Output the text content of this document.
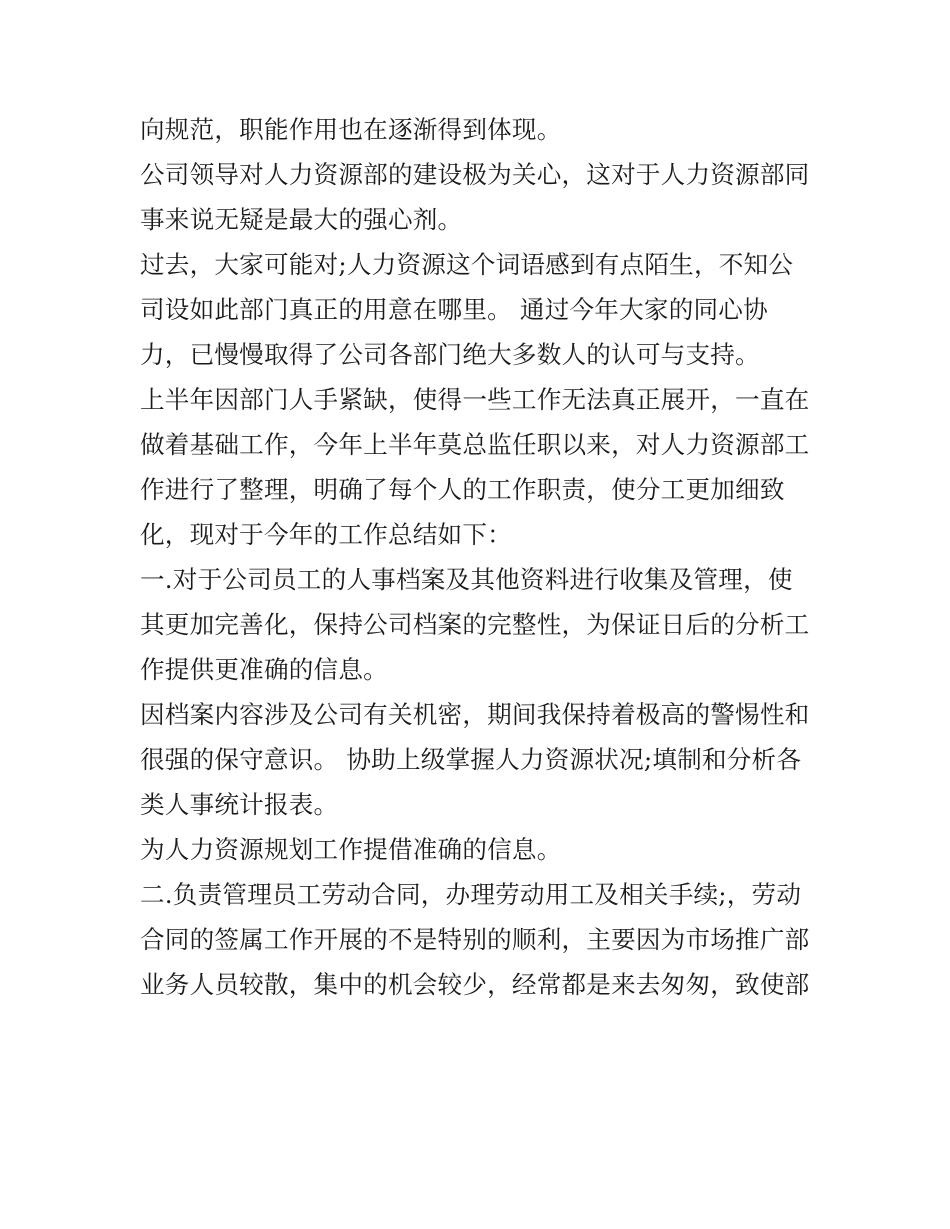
向规范，职能作用也在逐渐得到体现。
公司领导对人力资源部的建设极为关心，这对于人力资源部同
事来说无疑是最大的强心剂。
过去，大家可能对;人力资源这个词语感到有点陌生，不知公
司设如此部门真正的用意在哪里。 通过今年大家的同心协
力，已慢慢取得了公司各部门绝大多数人的认可与支持。
上半年因部门人手紧缺，使得一些工作无法真正展开，一直在
做着基础工作，今年上半年莫总监任职以来，对人力资源部工
作进行了整理，明确了每个人的工作职责，使分工更加细致
化，现对于今年的工作总结如下：
一.对于公司员工的人事档案及其他资料进行收集及管理，使
其更加完善化，保持公司档案的完整性，为保证日后的分析工
作提供更准确的信息。
因档案内容涉及公司有关机密，期间我保持着极高的警惕性和
很强的保守意识。 协助上级掌握人力资源状况;填制和分析各
类人事统计报表。
为人力资源规划工作提借准确的信息。
二.负责管理员工劳动合同，办理劳动用工及相关手续;，劳动
合同的签属工作开展的不是特别的顺利，主要因为市场推广部
业务人员较散，集中的机会较少，经常都是来去匆匆，致使部
